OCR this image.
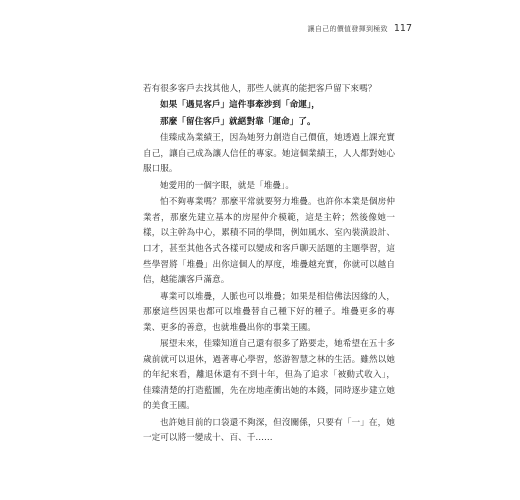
讓自己的價值發揮到極致 117

若有很多客戶去找其他人，那些人就真的能把客戶留下來嗎？

如果「遇見客戶」這件事牽涉到「命運」，

那麼「留住客戶」就絕對靠「運命」了。

佳臻成為業績王，因為她努力創造自己價值，她透過上課充實自己，讓自己成為讓人信任的專家。她這個業績王，人人都對她心服口服。

她愛用的一個字眼，就是「堆疊」。

怕不夠專業嗎？那麼平常就要努力堆疊。也許你本業是個房仲業者，那麼先建立基本的房屋仲介模範，這是主幹；然後像她一樣，以主幹為中心，累積不同的學問，例如風水、室內裝潢設計、口才，甚至其他各式各樣可以變成和客戶聊天話題的主題學習，這些學習將「堆疊」出你這個人的厚度，堆疊越充實，你就可以越自信，越能讓客戶滿意。

專業可以堆疊，人脈也可以堆疊；如果是相信佛法因緣的人，那麼這些因果也都可以堆疊替自己種下好的種子。堆疊更多的專業、更多的善意，也就堆疊出你的事業王國。

展望未來，佳臻知道自己還有很多了路要走，她希望在五十多歲前就可以退休，過著專心學習，悠游智慧之林的生活。雖然以她的年紀來看，離退休還有不到十年，但為了追求「被動式收入」，佳臻清楚的打造藍圖，先在房地產衝出她的本錢，同時逐步建立她的美食王國。

也許她目前的口袋還不夠深，但沒關係，只要有「一」在，她一定可以將一變成十、百、千……
